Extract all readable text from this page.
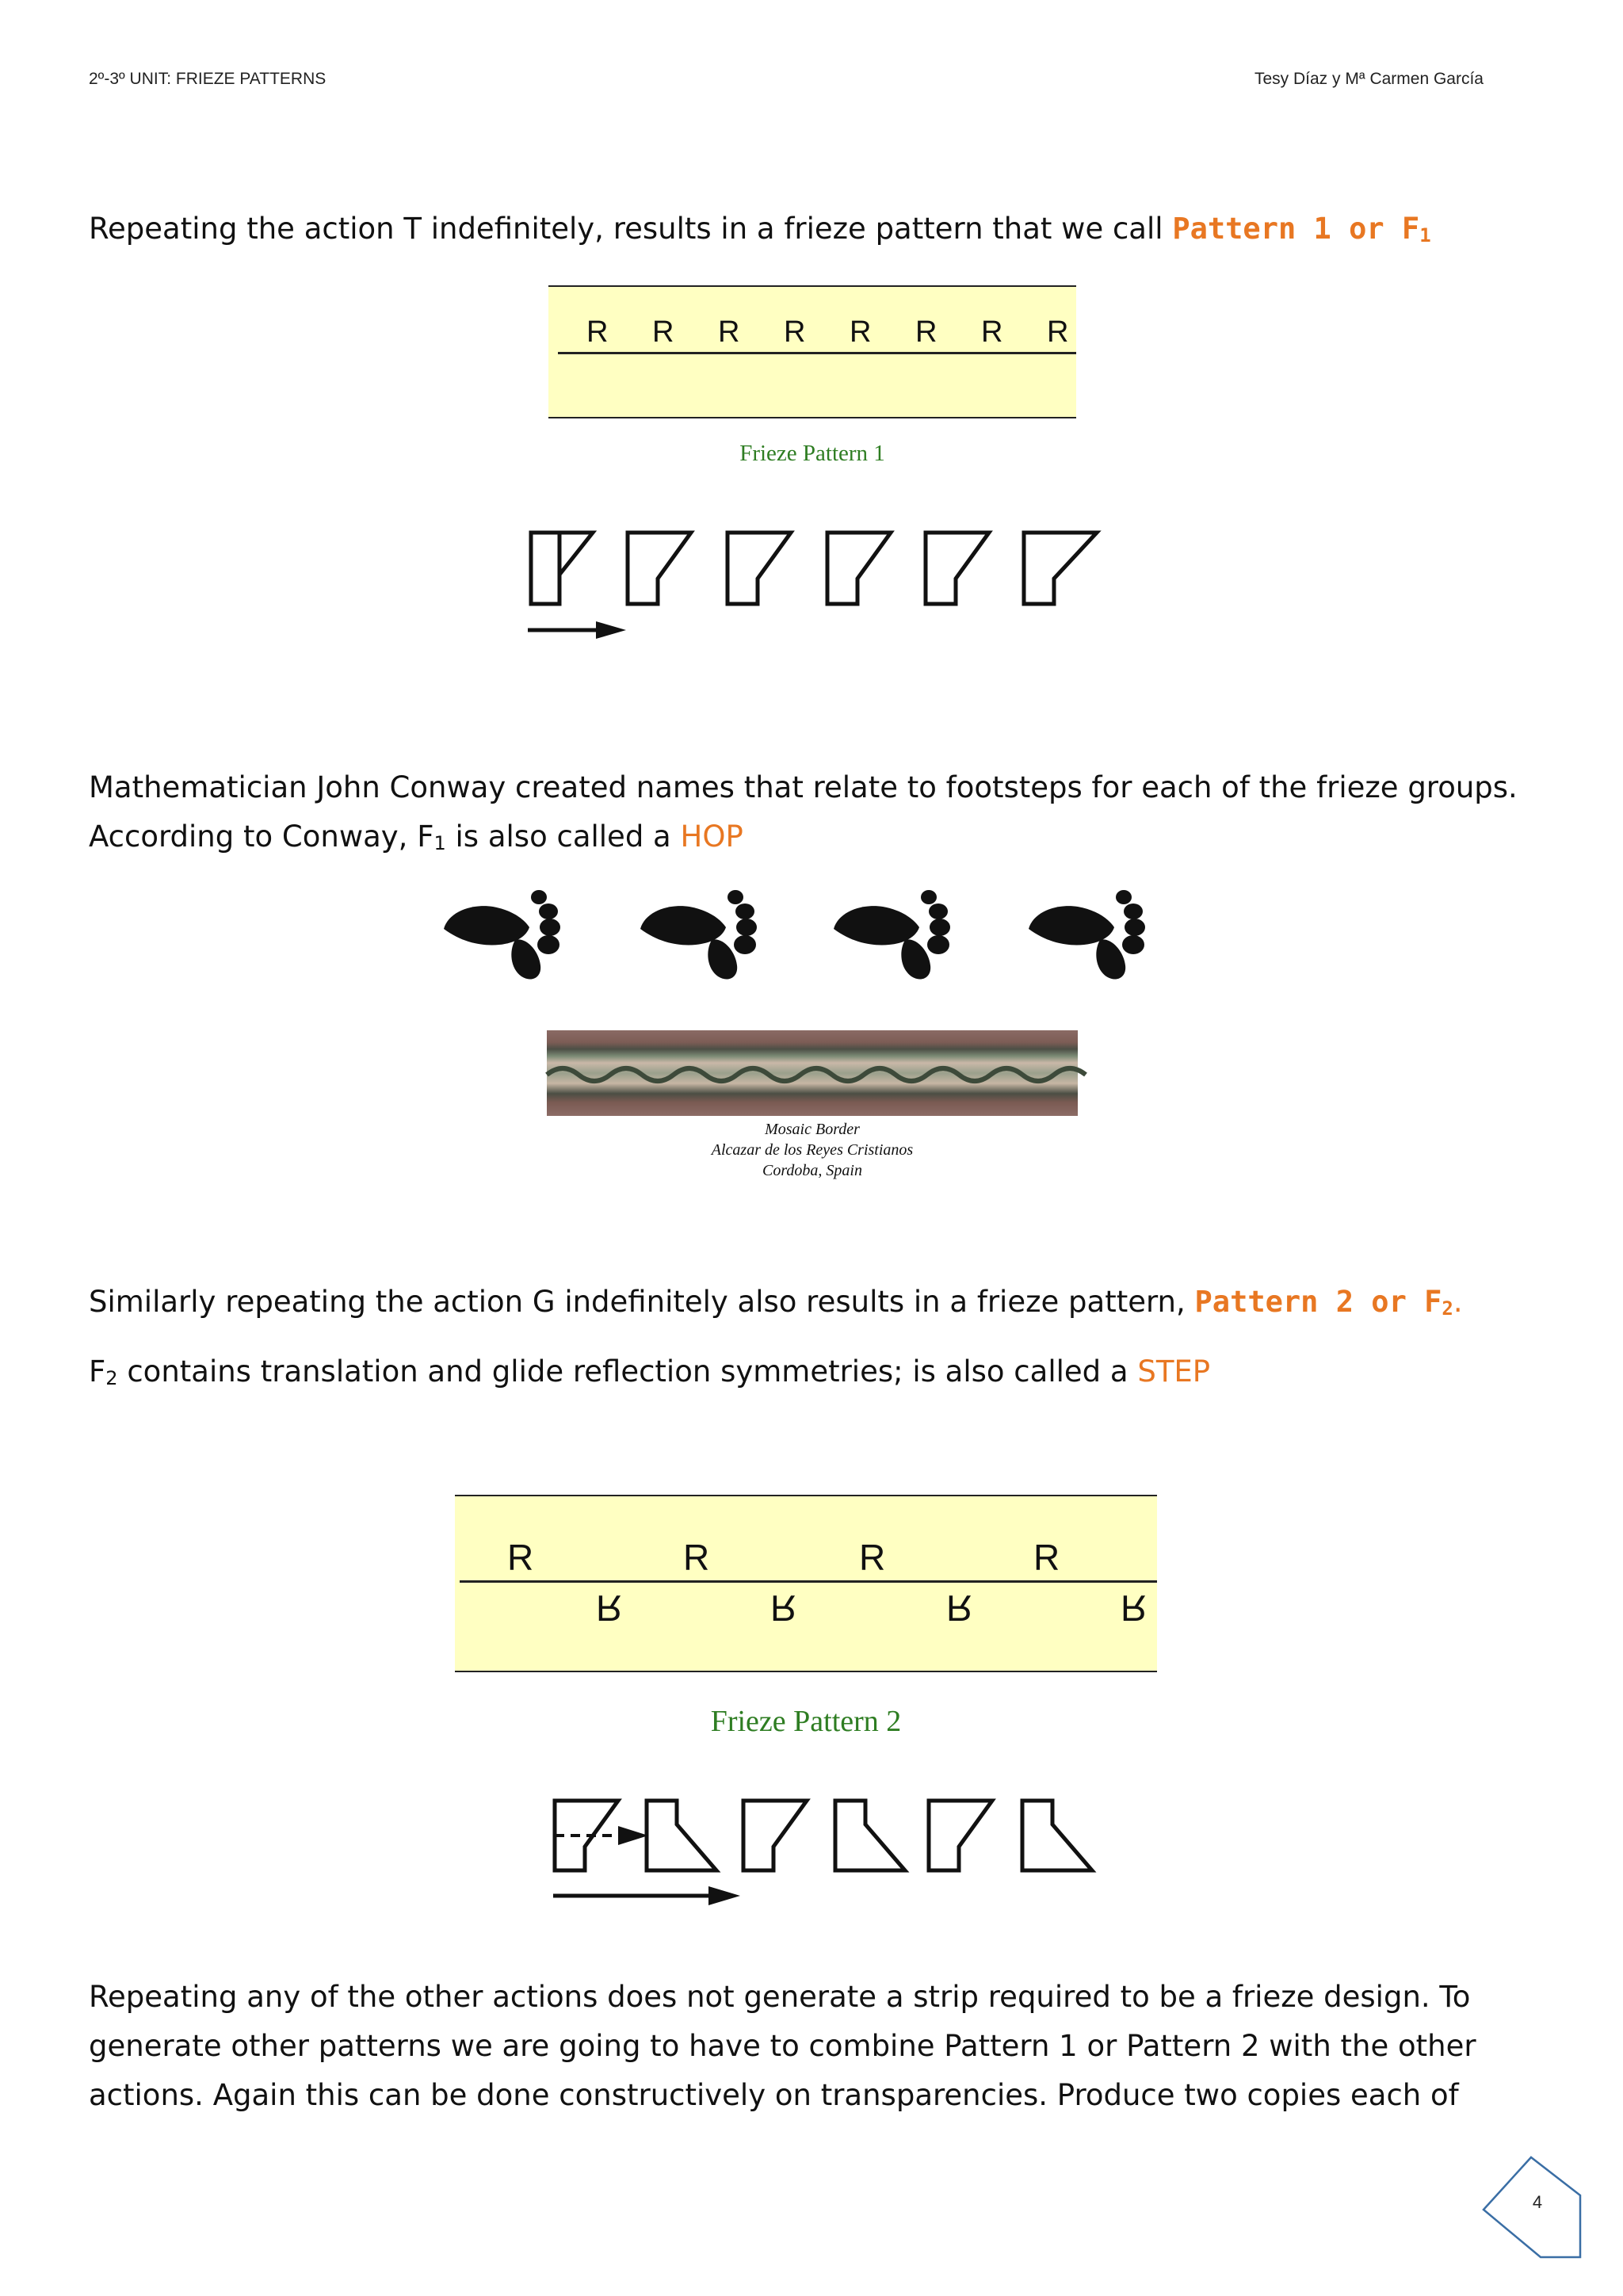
2º-3º UNIT: FRIEZE PATTERNS	Tesy Díaz y Mª Carmen García
Repeating the action T indefinitely, results in a frieze pattern that we call Pattern 1 or $F_1$
R R R R R R R R
Frieze Pattern 1
Mathematician John Conway created names that relate to footsteps for each of the frieze groups.
According to Conway, $F_1$ is also called a HOP
Mosaic Border
Alcazar de los Reyes Cristianos
Cordoba, Spain
Similarly repeating the action G indefinitely also results in a frieze pattern, Pattern 2 or $F_2$.
$F_2$ contains translation and glide reflection symmetries; is also called a STEP
R	R	R	R
R	R	R	R
Frieze Pattern 2
Repeating any of the other actions does not generate a strip required to be a frieze design. To
generate other patterns we are going to have to combine Pattern 1 or Pattern 2 with the other
actions. Again this can be done constructively on transparencies. Produce two copies each of
4
